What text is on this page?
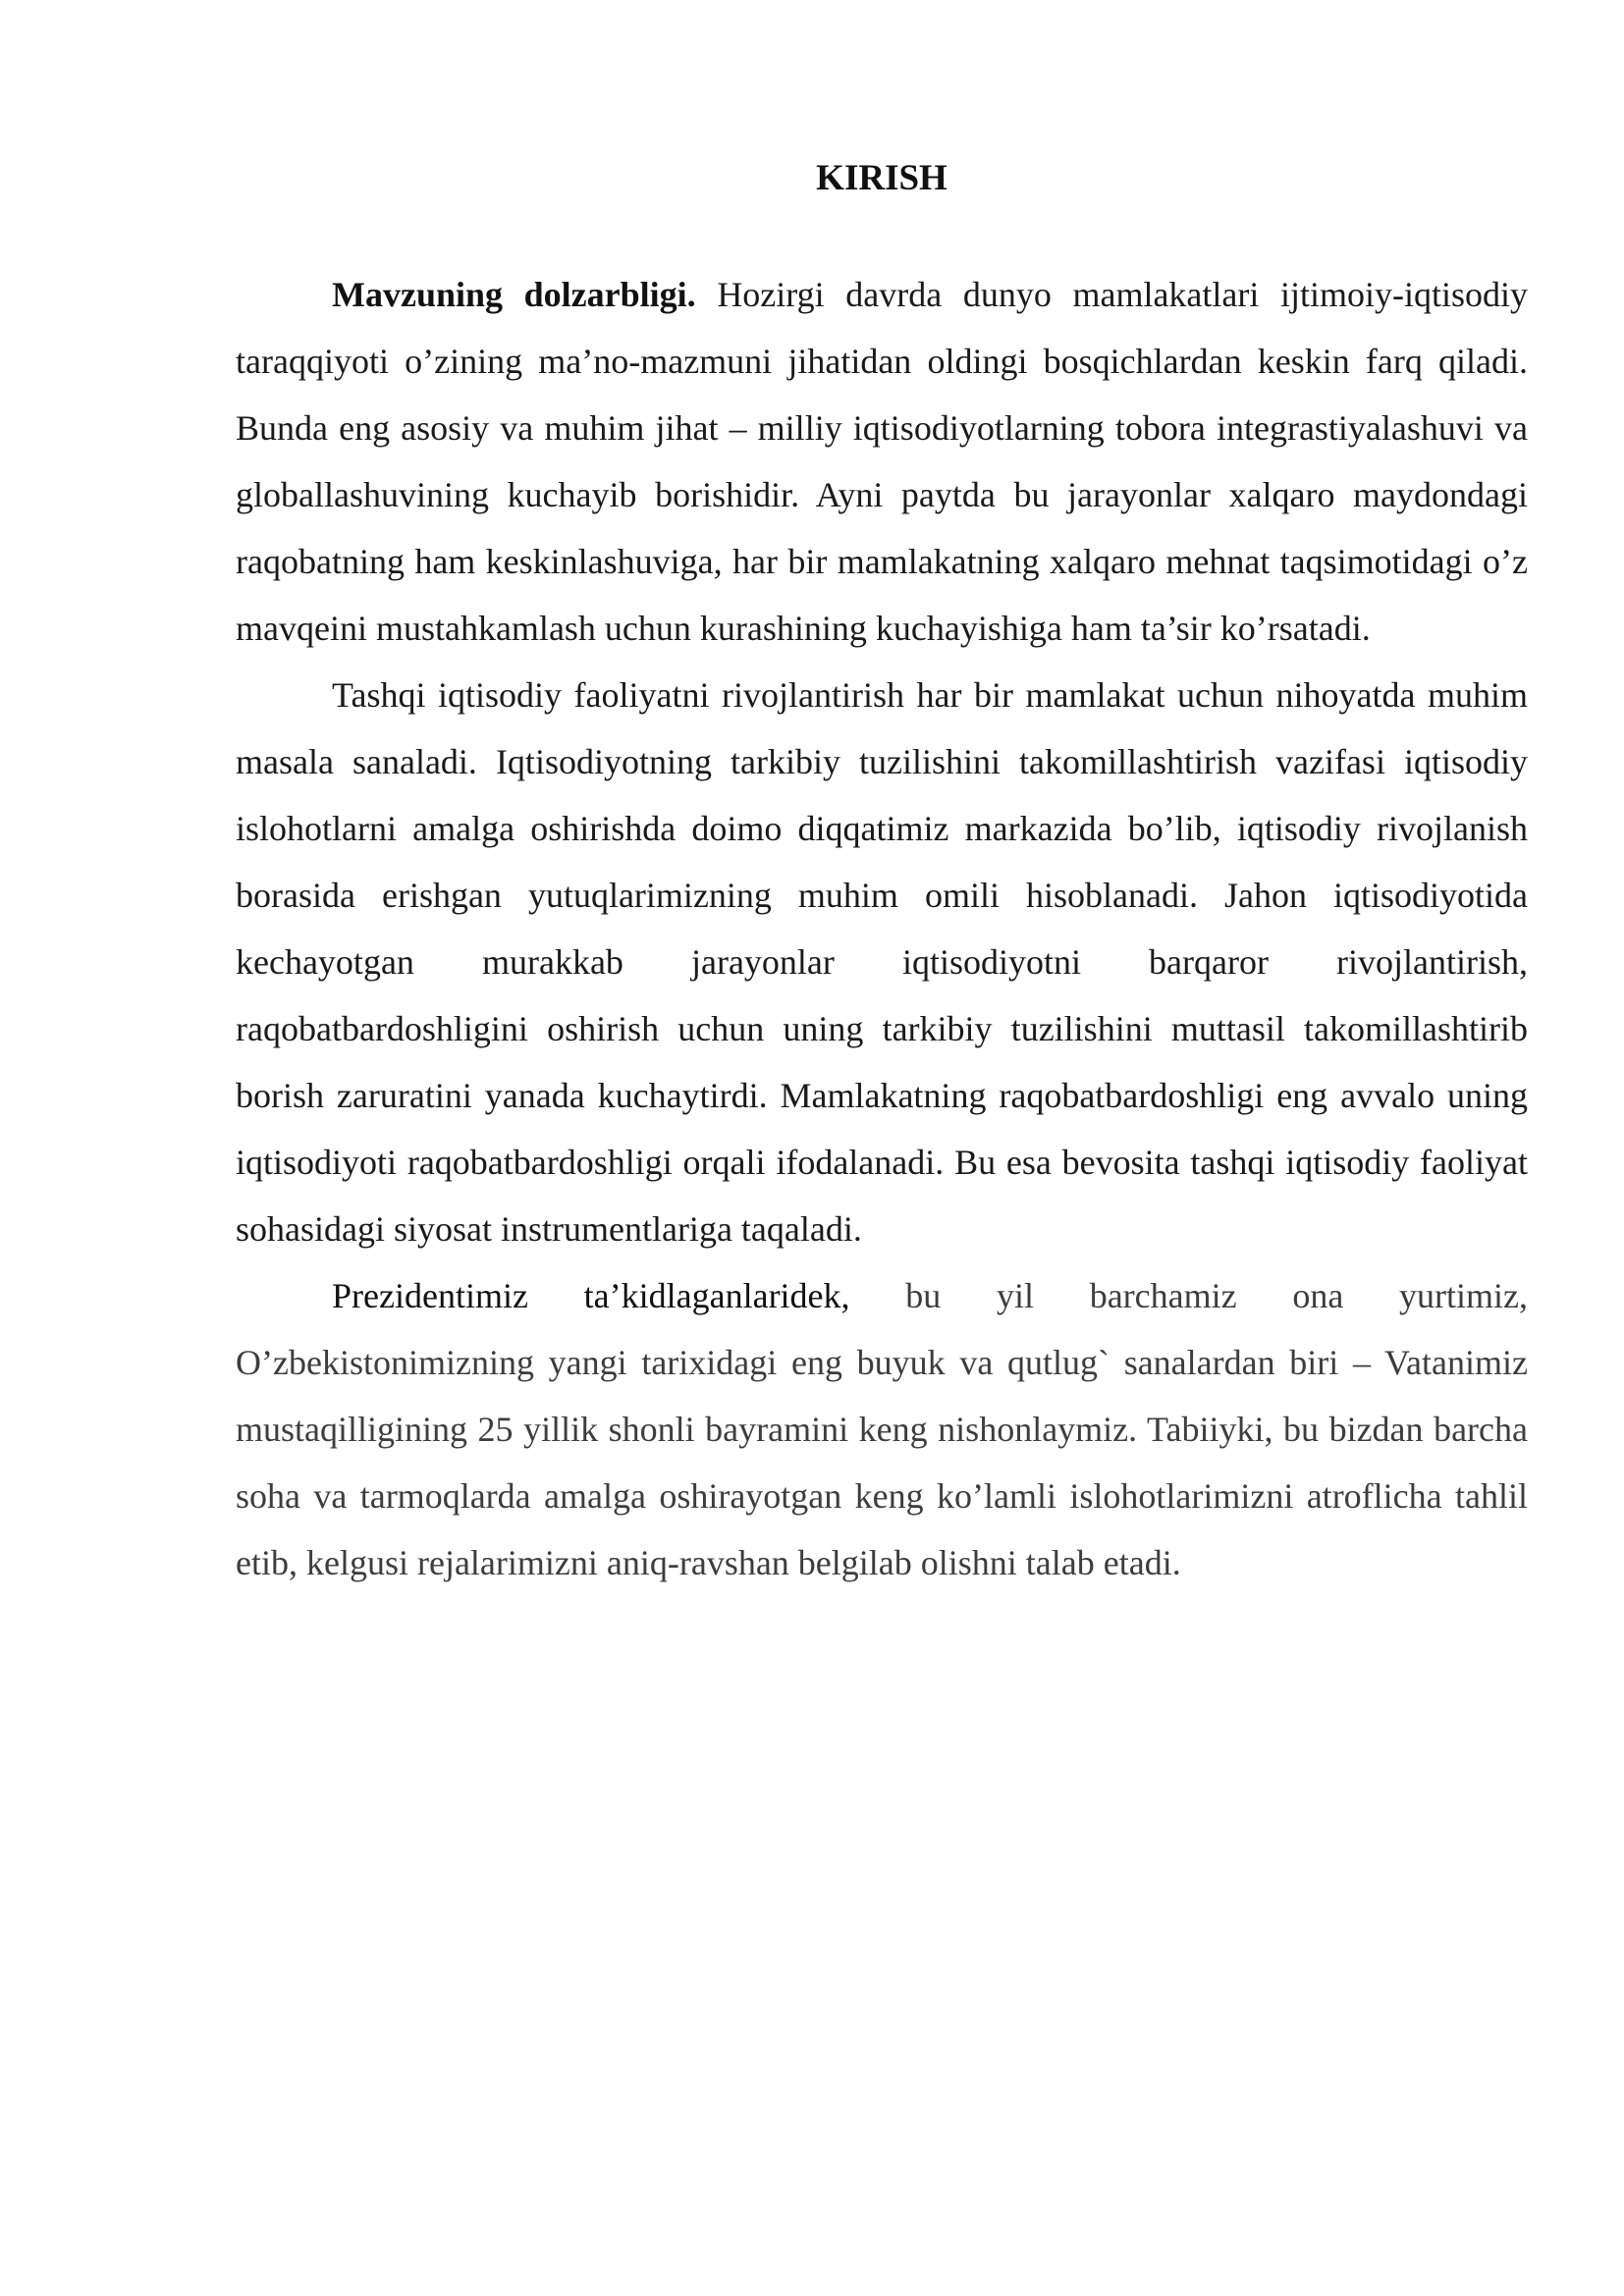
KIRISH

Mavzuning dolzarbligi. Hozirgi davrda dunyo mamlakatlari ijtimoiy-iqtisodiy taraqqiyoti o’zining ma’no-mazmuni jihatidan oldingi bosqichlardan keskin farq qiladi. Bunda eng asosiy va muhim jihat – milliy iqtisodiyotlarning tobora integrastiyalashuvi va globallashuvining kuchayib borishidir. Ayni paytda bu jarayonlar xalqaro maydondagi raqobatning ham keskinlashuviga, har bir mamlakatning xalqaro mehnat taqsimotidagi o’z mavqeini mustahkamlash uchun kurashining kuchayishiga ham ta’sir ko’rsatadi.

Tashqi iqtisodiy faoliyatni rivojlantirish har bir mamlakat uchun nihoyatda muhim masala sanaladi. Iqtisodiyotning tarkibiy tuzilishini takomillashtirish vazifasi iqtisodiy islohotlarni amalga oshirishda doimo diqqatimiz markazida bo’lib, iqtisodiy rivojlanish borasida erishgan yutuqlarimizning muhim omili hisoblanadi. Jahon iqtisodiyotida kechayotgan murakkab jarayonlar iqtisodiyotni barqaror rivojlantirish, raqobatbardoshligini oshirish uchun uning tarkibiy tuzilishini muttasil takomillashtirib borish zaruratini yanada kuchaytirdi. Mamlakatning raqobatbardoshligi eng avvalo uning iqtisodiyoti raqobatbardoshligi orqali ifodalanadi. Bu esa bevosita tashqi iqtisodiy faoliyat sohasidagi siyosat instrumentlariga taqaladi.

Prezidentimiz ta’kidlaganlaridek, bu yil barchamiz ona yurtimiz, O’zbekistonimizning yangi tarixidagi eng buyuk va qutlug` sanalardan biri – Vatanimiz mustaqilligining 25 yillik shonli bayramini keng nishonlaymiz. Tabiiyki, bu bizdan barcha soha va tarmoqlarda amalga oshirayotgan keng ko’lamli islohotlarimizni atroflicha tahlil etib, kelgusi rejalarimizni aniq-ravshan belgilab olishni talab etadi.
